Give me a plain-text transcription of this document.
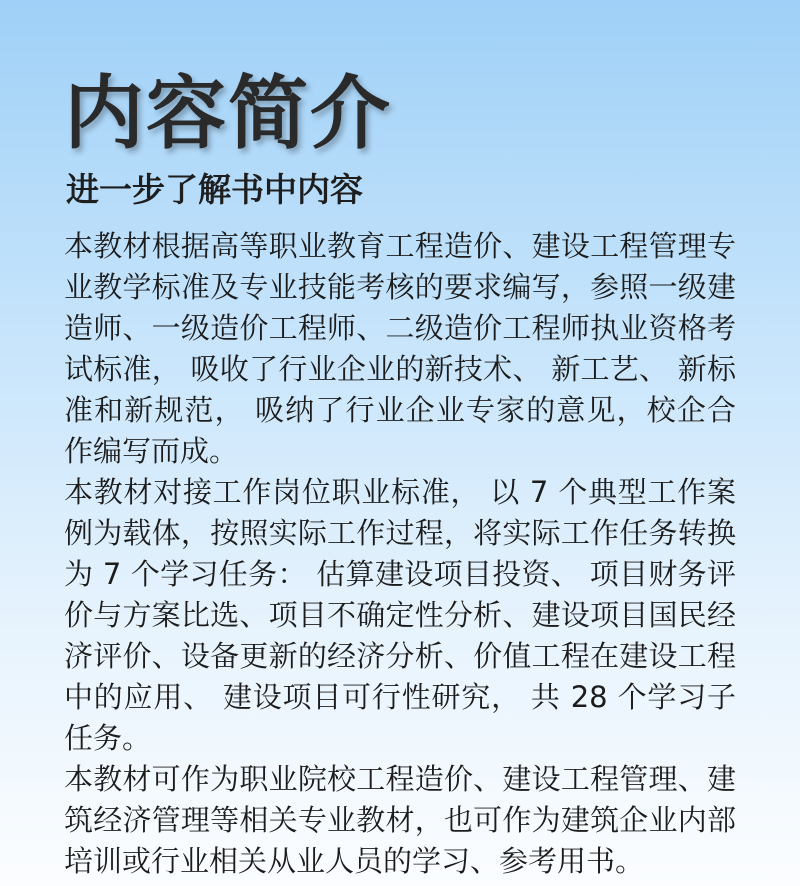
内容简介
进一步了解书中内容

本教材根据高等职业教育工程造价、建设工程管理专业教学标准及专业技能考核的要求编写，参照一级建造师、一级造价工程师、二级造价工程师执业资格考试标准， 吸收了行业企业的新技术、 新工艺、 新标准和新规范， 吸纳了行业企业专家的意见，校企合作编写而成。

本教材对接工作岗位职业标准， 以 7 个典型工作案例为载体，按照实际工作过程，将实际工作任务转换为 7 个学习任务： 估算建设项目投资、 项目财务评价与方案比选、项目不确定性分析、建设项目国民经济评价、设备更新的经济分析、价值工程在建设工程中的应用、 建设项目可行性研究， 共 28 个学习子任务。

本教材可作为职业院校工程造价、建设工程管理、建筑经济管理等相关专业教材，也可作为建筑企业内部培训或行业相关从业人员的学习、参考用书。
